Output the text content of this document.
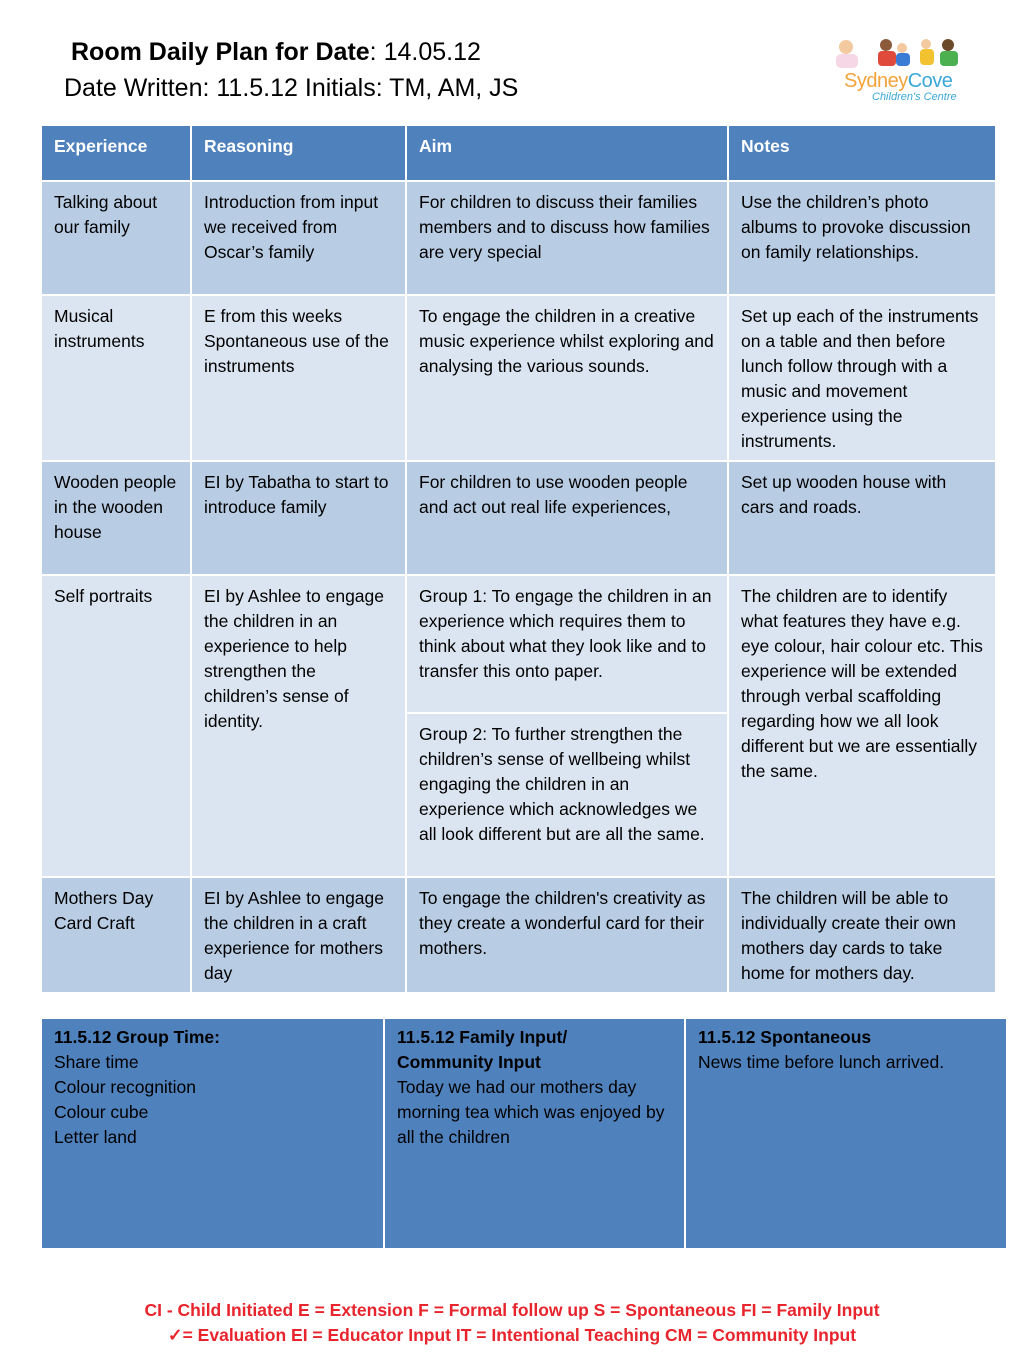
Room Daily Plan for Date: 14.05.12
Date Written: 11.5.12 Initials: TM, AM, JS	SydneyCove
Children's Centre
Experience	Reasoning	Aim	Notes
Talking about our family	Introduction from input we received from Oscar’s family	For children to discuss their families members and to discuss how families are very special	Use the children’s photo albums to provoke discussion on family relationships.
Musical instruments	E from this weeks Spontaneous use of the instruments	To engage the children in a creative music experience whilst exploring and analysing the various sounds.	Set up each of the instruments on a table and then before lunch follow through with a music and movement experience using the instruments.
Wooden people in the wooden house	EI by Tabatha to start to introduce family	For children to use wooden people and act out real life experiences,	Set up wooden house with cars and roads.
Self portraits	EI by Ashlee to engage the children in an experience to help strengthen the children’s sense of identity.	Group 1: To engage the children in an experience which requires them to think about what they look like and to transfer this onto paper.	The children are to identify what features they have e.g. eye colour, hair colour etc. This experience will be extended through verbal scaffolding regarding how we all look different but we are essentially the same.
		Group 2: To further strengthen the children’s sense of wellbeing whilst engaging the children in an experience which acknowledges we all look different but are all the same.	
Mothers Day Card Craft	EI by Ashlee to engage the children in a craft experience for mothers day	To engage the children's creativity as they create a wonderful card for their mothers.	The children will be able to individually create their own mothers day cards to take home for mothers day.
11.5.12 Group Time:
Share time
Colour recognition
Colour cube
Letter land

11.5.12 Family Input/
Community Input
Today we had our mothers day morning tea which was enjoyed by all the children

11.5.12 Spontaneous
News time before lunch arrived.
CI - Child Initiated E = Extension F = Formal follow up S = Spontaneous FI = Family Input
✓= Evaluation EI = Educator Input IT = Intentional Teaching CM = Community Input
